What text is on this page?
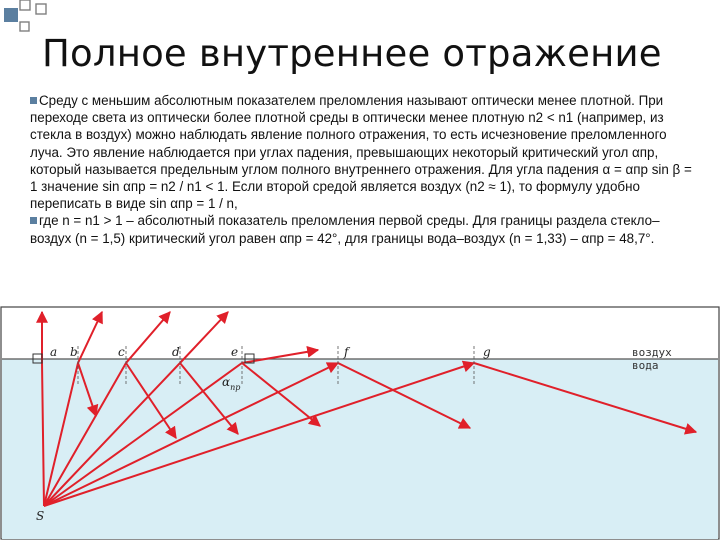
Полное внутреннее отражение

Среду с меньшим абсолютным показателем преломления называют оптически менее плотной. При переходе света из оптически более плотной среды в оптически менее плотную n2 < n1 (например, из стекла в воздух) можно наблюдать явление полного отражения, то есть исчезновение преломленного луча. Это явление наблюдается при углах падения, превышающих некоторый критический угол αпр, который называется предельным углом полного внутреннего отражения. Для угла падения α = αпр sin β = 1 значение sin αпр = n2 / n1 < 1. Если второй средой является воздух (n2 ≈ 1), то формулу удобно переписать в виде sin αпр = 1 / n,

где n = n1 > 1 – абсолютный показатель преломления первой среды. Для границы раздела стекло–воздух (n = 1,5) критический угол равен αпр = 42°, для границы вода–воздух (n = 1,33) – αпр = 48,7°.

a b	c	d	e	f	g
$\alpha_{пр}$
S
воздух
вода
